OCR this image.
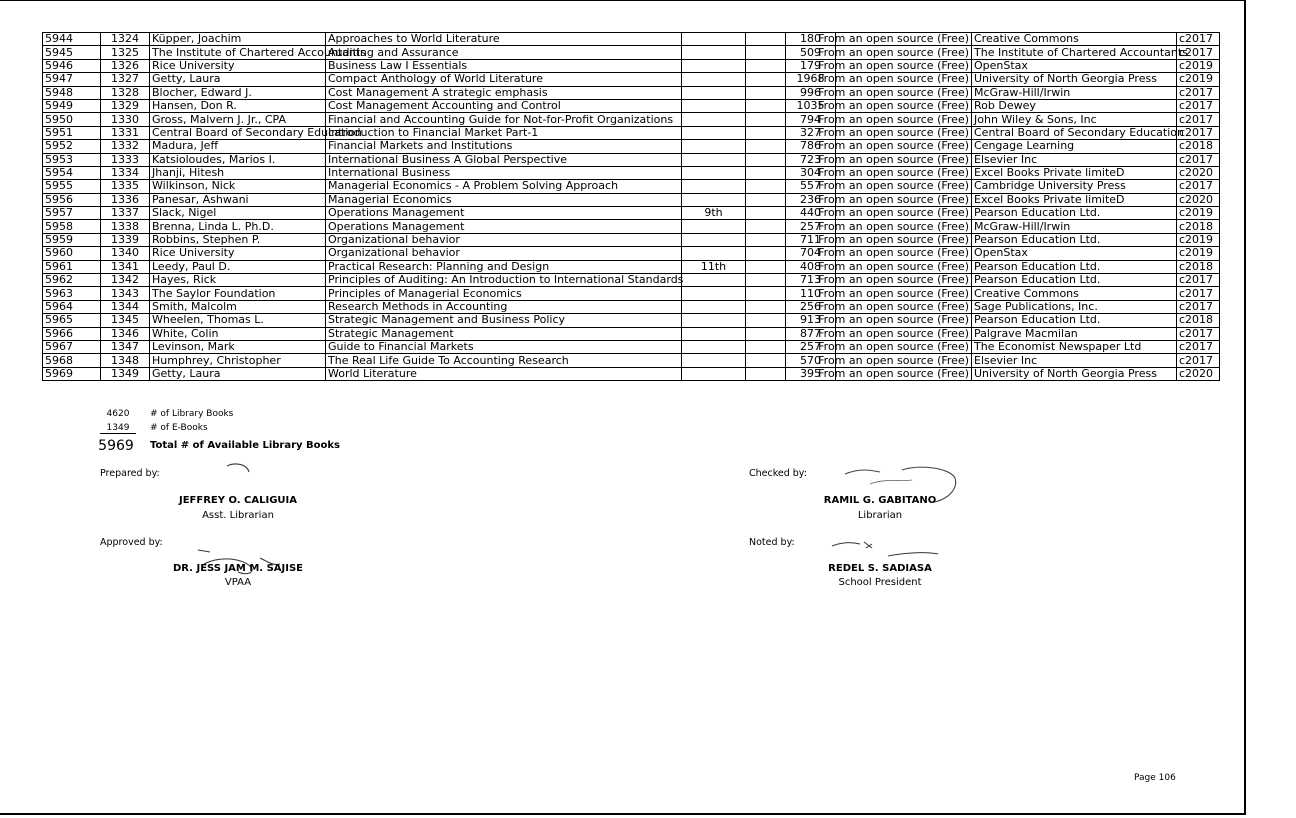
5944	1324	Küpper, Joachim	Approaches to World Literature			180	From an open source (Free)	Creative Commons	c2017
5945	1325	The Institute of Chartered Accountants	Auditing and Assurance			509	From an open source (Free)	The Institute of Chartered Accountants	c2017
5946	1326	Rice University	Business Law I Essentials			179	From an open source (Free)	OpenStax	c2019
5947	1327	Getty, Laura	Compact Anthology of World Literature			1968	From an open source (Free)	University of North Georgia Press	c2019
5948	1328	Blocher, Edward J.	Cost Management A strategic emphasis			996	From an open source (Free)	McGraw-Hill/Irwin	c2017
5949	1329	Hansen, Don R.	Cost Management Accounting and Control			1035	From an open source (Free)	Rob Dewey	c2017
5950	1330	Gross, Malvern J. Jr., CPA	Financial and Accounting Guide for Not-for-Profit Organizations			794	From an open source (Free)	John Wiley & Sons, Inc	c2017
5951	1331	Central Board of Secondary Education	Introduction to Financial Market Part-1			327	From an open source (Free)	Central Board of Secondary Education	c2017
5952	1332	Madura, Jeff	Financial Markets and Institutions			786	From an open source (Free)	Cengage Learning	c2018
5953	1333	Katsioloudes, Marios I.	International Business A Global Perspective			723	From an open source (Free)	Elsevier Inc	c2017
5954	1334	Jhanji, Hitesh	International Business			304	From an open source (Free)	Excel Books Private limiteD	c2020
5955	1335	Wilkinson, Nick	Managerial Economics - A Problem Solving Approach			557	From an open source (Free)	Cambridge University Press	c2017
5956	1336	Panesar, Ashwani	Managerial Economics			236	From an open source (Free)	Excel Books Private limiteD	c2020
5957	1337	Slack, Nigel	Operations Management	9th		440	From an open source (Free)	Pearson Education Ltd.	c2019
5958	1338	Brenna, Linda L. Ph.D.	Operations Management			257	From an open source (Free)	McGraw-Hill/Irwin	c2018
5959	1339	Robbins, Stephen P.	Organizational behavior			711	From an open source (Free)	Pearson Education Ltd.	c2019
5960	1340	Rice University	Organizational behavior			704	From an open source (Free)	OpenStax	c2019
5961	1341	Leedy, Paul D.	Practical Research: Planning and Design	11th		408	From an open source (Free)	Pearson Education Ltd.	c2018
5962	1342	Hayes, Rick	Principles of Auditing: An Introduction to International Standards			713	From an open source (Free)	Pearson Education Ltd.	c2017
5963	1343	The Saylor Foundation	Principles of Managerial Economics			110	From an open source (Free)	Creative Commons	c2017
5964	1344	Smith, Malcolm	Research Methods in Accounting			256	From an open source (Free)	Sage Publications, Inc.	c2017
5965	1345	Wheelen, Thomas L.	Strategic Management and Business Policy			913	From an open source (Free)	Pearson Education Ltd.	c2018
5966	1346	White, Colin	Strategic Management			877	From an open source (Free)	Palgrave Macmilan	c2017
5967	1347	Levinson, Mark	Guide to Financial Markets			257	From an open source (Free)	The Economist Newspaper Ltd	c2017
5968	1348	Humphrey, Christopher	The Real Life Guide To Accounting Research			570	From an open source (Free)	Elsevier Inc	c2017
5969	1349	Getty, Laura	World Literature			395	From an open source (Free)	University of North Georgia Press	c2020
4620 # of Library Books
1349 # of E-Books
5969 Total # of Available Library Books
Prepared by:
JEFFREY O. CALIGUIA
Asst. Librarian
Checked by:
RAMIL G. GABITANO
Librarian
Approved by:
DR. JESS JAM M. SAJISE
VPAA
Noted by:
REDEL S. SADIASA
School President
Page 106
